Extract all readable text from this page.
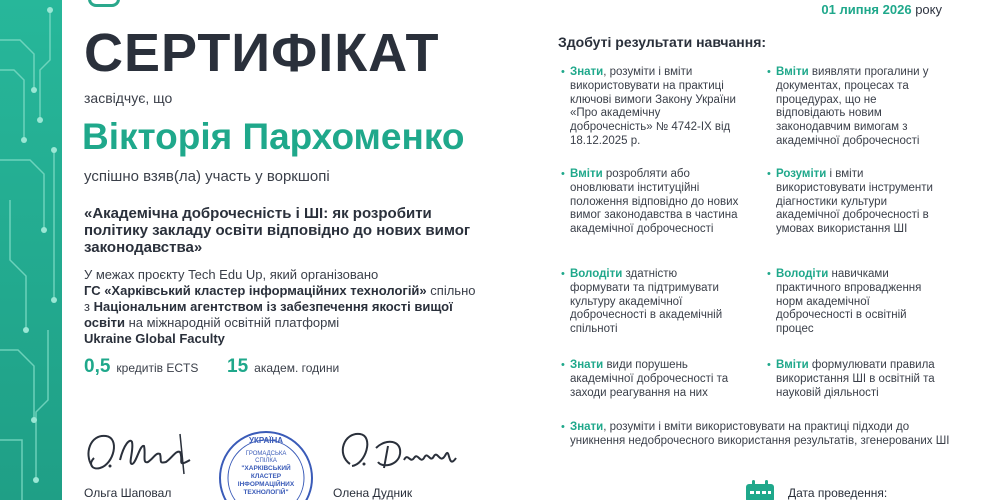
01 липня 2026 року
СЕРТИФІКАТ
засвідчує, що
Вікторія Пархоменко
успішно взяв(ла) участь у воркшопі
«Академічна доброчесність і ШІ: як розробити політику закладу освіти відповідно до нових вимог законодавства»
У межах проєкту Tech Edu Up, який організовано
ГС «Харківський кластер інформаційних технологій» спільно з Національним агентством із забезпечення якості вищої освіти на міжнародній освітній платформі
Ukraine Global Faculty
0,5 кредитів ECTS 15 академ. години
Ольга Шаповал	Олена Дудник
УКРАЇНА
ГРОМАДСЬКА
СПІЛКА
"ХАРКІВСЬКИЙ
КЛАСТЕР
ІНФОРМАЦІЙНИХ
ТЕХНОЛОГІЙ"
Здобуті результати навчання:
• Знати, розуміти і вміти використовувати на практиці ключові вимоги Закону України «Про академічну доброчесність» № 4742-IX від 18.12.2025 р.
• Вміти виявляти прогалини у документах, процесах та процедурах, що не відповідають новим законодавчим вимогам з академічної доброчесності
• Вміти розробляти або оновлювати інституційні положення відповідно до нових вимог законодавства в частина академічної доброчесності
• Розуміти і вміти використовувати інструменти діагностики культури академічної доброчесності в умовах використання ШІ
• Володіти здатністю формувати та підтримувати культуру академічної доброчесності в академічній спільноті
• Володіти навичками практичного впровадження норм академічної доброчесності в освітній процес
• Знати види порушень академічної доброчесності та заходи реагування на них
• Вміти формулювати правила використання ШІ в освітній та науковій діяльності
• Знати, розуміти і вміти використовувати на практиці підходи до уникнення недоброчесного використання результатів, згенерованих ШІ
Дата проведення:
